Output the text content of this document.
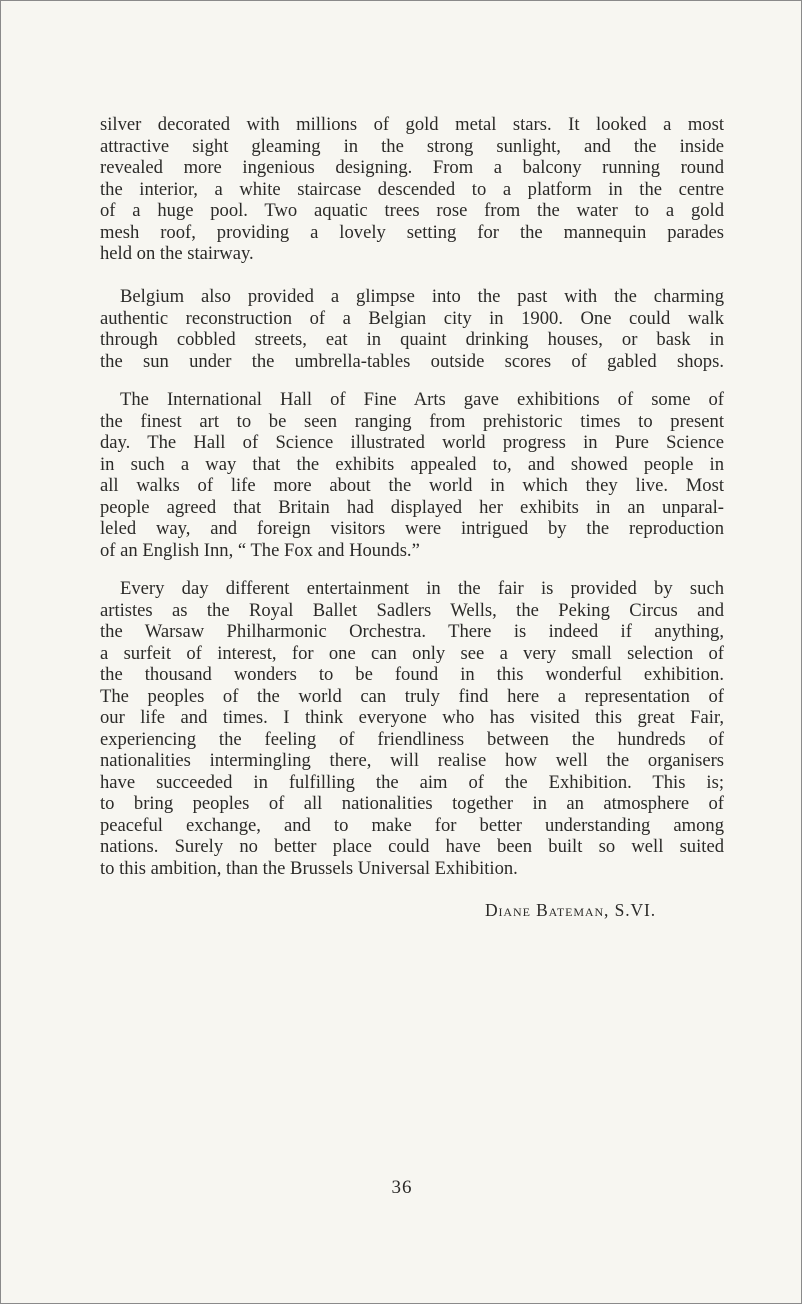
silver decorated with millions of gold metal stars. It looked a most
attractive sight gleaming in the strong sunlight, and the inside
revealed more ingenious designing. From a balcony running round
the interior, a white staircase descended to a platform in the centre
of a huge pool. Two aquatic trees rose from the water to a gold
mesh roof, providing a lovely setting for the mannequin parades
held on the stairway.
Belgium also provided a glimpse into the past with the charming
authentic reconstruction of a Belgian city in 1900. One could walk
through cobbled streets, eat in quaint drinking houses, or bask in
the sun under the umbrella-tables outside scores of gabled shops.
The International Hall of Fine Arts gave exhibitions of some of
the finest art to be seen ranging from prehistoric times to present
day. The Hall of Science illustrated world progress in Pure Science
in such a way that the exhibits appealed to, and showed people in
all walks of life more about the world in which they live. Most
people agreed that Britain had displayed her exhibits in an unparal-
leled way, and foreign visitors were intrigued by the reproduction
of an English Inn, “ The Fox and Hounds.”
Every day different entertainment in the fair is provided by such
artistes as the Royal Ballet Sadlers Wells, the Peking Circus and
the Warsaw Philharmonic Orchestra. There is indeed if anything,
a surfeit of interest, for one can only see a very small selection of
the thousand wonders to be found in this wonderful exhibition.
The peoples of the world can truly find here a representation of
our life and times. I think everyone who has visited this great Fair,
experiencing the feeling of friendliness between the hundreds of
nationalities intermingling there, will realise how well the organisers
have succeeded in fulfilling the aim of the Exhibition. This is;
to bring peoples of all nationalities together in an atmosphere of
peaceful exchange, and to make for better understanding among
nations. Surely no better place could have been built so well suited
to this ambition, than the Brussels Universal Exhibition.
Diane Bateman, S.VI.
36
